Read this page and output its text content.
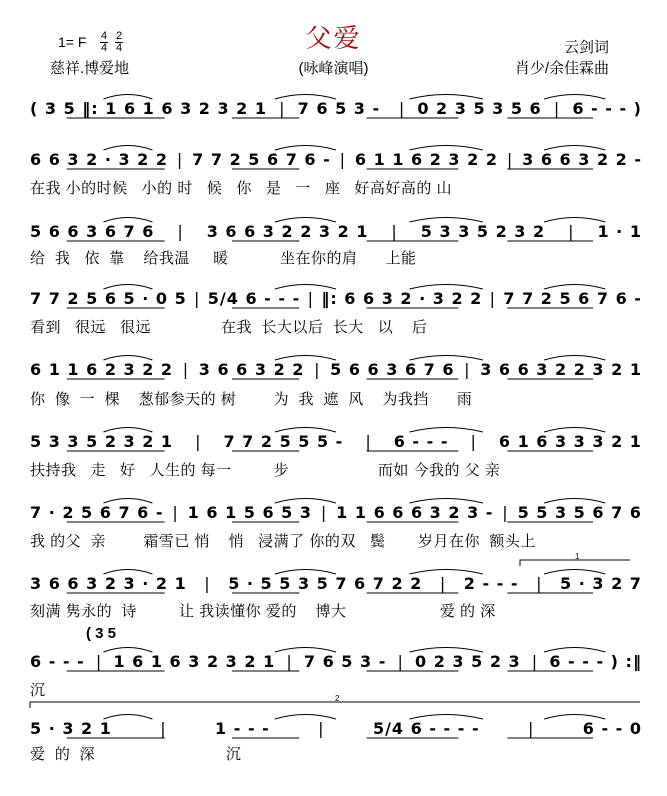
父爱
1= F 4
4
2
4
慈祥.博爱地	(咏峰演唱)
云剑词
肖少/余佳霖曲
( 3 5 ‖: 1 6 1 6 3 2 3 2 1 | 7 6 5 3 - | 0 2 3 5 3 5 6 | 6 - - - )
6 6 3 2 · 3 2 2 | 7 7 2 5 6 7 6 - | 6 1 1 6 2 3 2 2 | 3 6 6 3 2 2 -
在我 小的时候   小的 时   候   你   是   一   座   好高好高的 山
5 6 6 3 6 7 6 | 3 6 6 3 2 2 3 2 1 | 5 3 3 5 2 3 2 | 1 · 1
给  我   依  靠    给我温     暖           坐在你的肩      上能
7 7 2 5 6 5 · 0 5 | 5/4 6 - - - | ‖: 6 6 3 2 · 3 2 2 | 7 7 2 5 6 7 6 -
看到   很远   很远               在我  长大以后  长大   以    后
6 1 1 6 2 3 2 2 | 3 6 6 3 2 2 | 5 6 6 3 6 7 6 | 3 6 6 3 2 2 3 2 1
你  像  一  棵    葱郁参天的 树        为  我  遮  风    为我挡      雨
5 3 3 5 2 3 2 1 | 7 7 2 5 5 5 - | 6 - - - | 6 1 6 3 3 3 2 1
扶持我   走   好   人生的 每一         步                   而如 今我的 父 亲
7 · 2 5 6 7 6 - | 1 6 1 5 6 5 3 | 1 1 6 6 6 3 2 3 - | 5 5 3 5 6 7 6
我 的父  亲        霜雪已 悄    悄   浸满了 你的双   鬓       岁月在你  额头上
3 6 6 3 2 3 · 2 1 | 5 · 5 5 3 5 7 6 7 2 2 | 2 - - - | 5 · 3 2 7
刻满 隽永的  诗         让 我读懂你 爱的    博大                    爱 的 深
6 - - - | 1 6 1 6 3 2 3 2 1 | 7 6 5 3 - | 0 2 3 5 2 3 | 6 - - - ) :‖
沉
( 3 5
5 · 3 2 1	|	1 - - -	|	5/4 6 - - - -	|	6 - - 0
爱  的  深                            沉
1
2
